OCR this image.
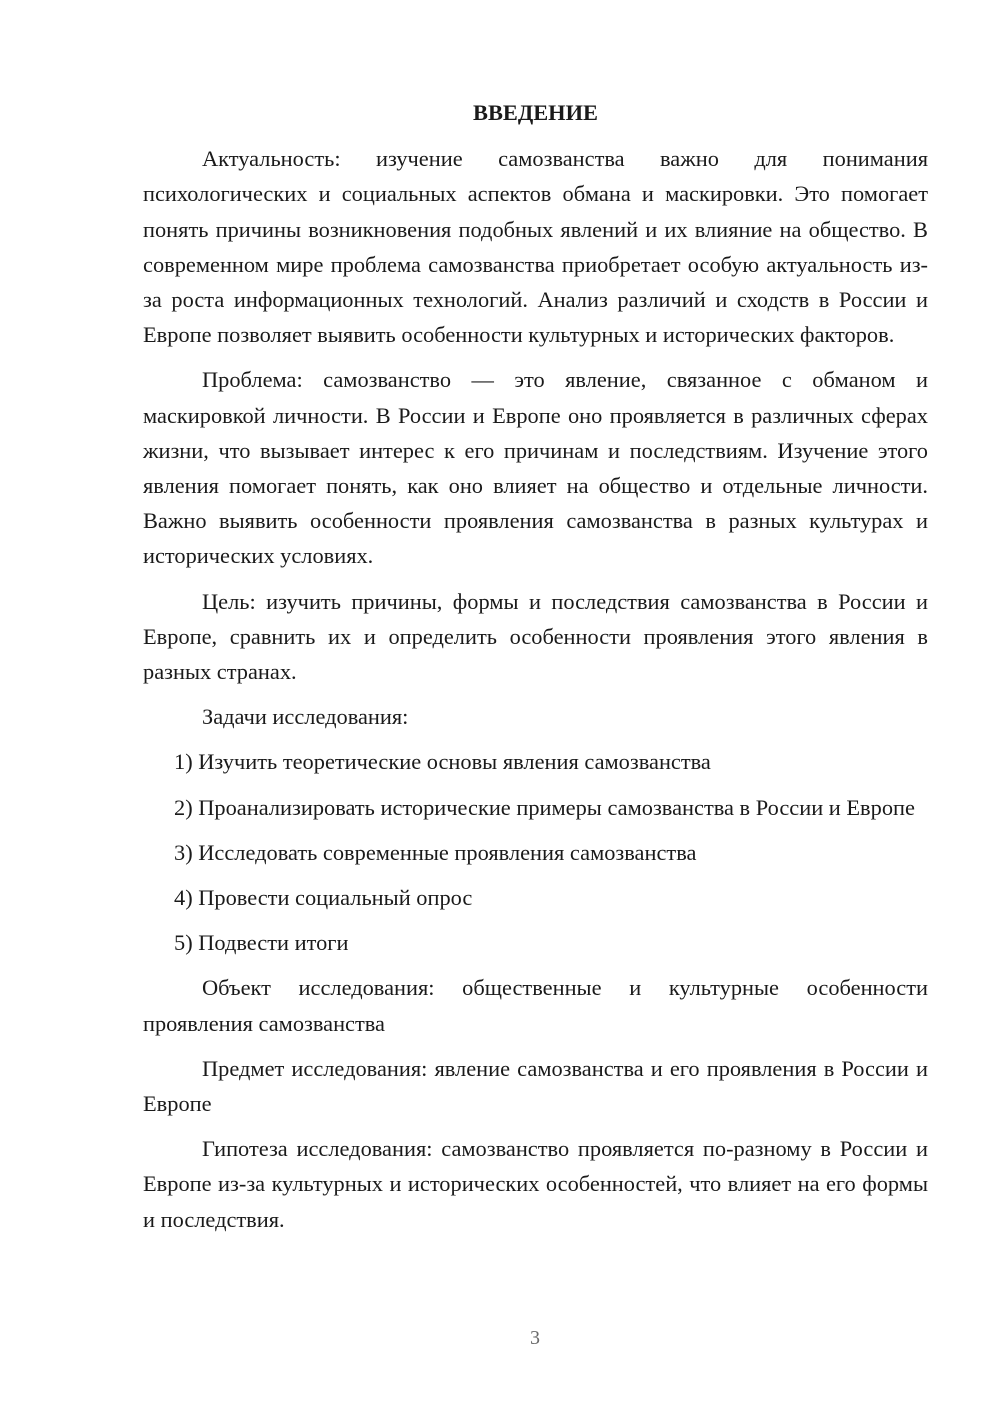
ВВЕДЕНИЕ

Актуальность: изучение самозванства важно для понимания психологических и социальных аспектов обмана и маскировки. Это помогает понять причины возникновения подобных явлений и их влияние на общество. В современном мире проблема самозванства приобретает особую актуальность из-за роста информационных технологий. Анализ различий и сходств в России и Европе позволяет выявить особенности культурных и исторических факторов.

Проблема: самозванство — это явление, связанное с обманом и маскировкой личности. В России и Европе оно проявляется в различных сферах жизни, что вызывает интерес к его причинам и последствиям. Изучение этого явления помогает понять, как оно влияет на общество и отдельные личности. Важно выявить особенности проявления самозванства в разных культурах и исторических условиях.

Цель: изучить причины, формы и последствия самозванства в России и Европе, сравнить их и определить особенности проявления этого явления в разных странах.

Задачи исследования:

1) Изучить теоретические основы явления самозванства

2) Проанализировать исторические примеры самозванства в России и Европе

3) Исследовать современные проявления самозванства

4) Провести социальный опрос

5) Подвести итоги

Объект исследования: общественные и культурные особенности проявления самозванства

Предмет исследования: явление самозванства и его проявления в России и Европе

Гипотеза исследования: самозванство проявляется по-разному в России и Европе из-за культурных и исторических особенностей, что влияет на его формы и последствия.

3
